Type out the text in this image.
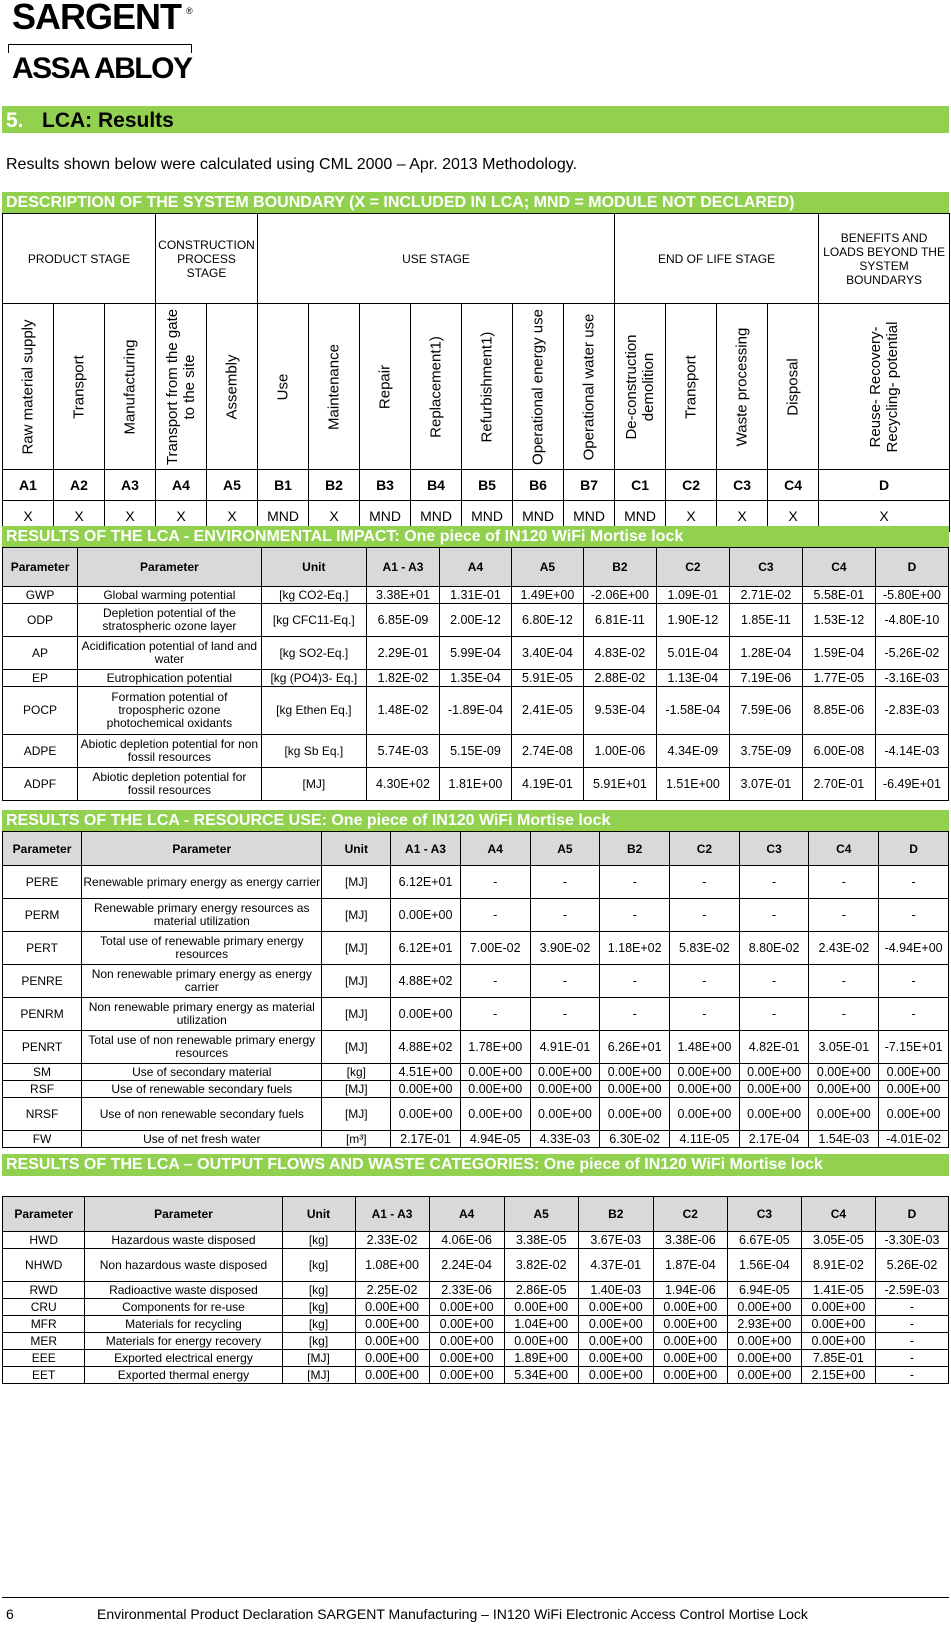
SARGENT ®
ASSA ABLOY
5. LCA: Results
Results shown below were calculated using CML 2000 – Apr. 2013 Methodology.
DESCRIPTION OF THE SYSTEM BOUNDARY (X = INCLUDED IN LCA; MND = MODULE NOT DECLARED)
PRODUCT STAGE			CONSTRUCTION PROCESS STAGE		USE STAGE							END OF LIFE STAGE				BENEFITS AND LOADS BEYOND THE SYSTEM BOUNDARYS

Raw material supply	Transport	Manufacturing	Transport from the gate to the site	Assembly	Use	Maintenance	Repair	Replacement1)	Refurbishment1)	Operational energy use	Operational water use	De-construction demolition	Transport	Waste processing	Disposal	Reuse- Recovery- Recycling- potential

A1	A2	A3	A4	A5	B1	B2	B3	B4	B5	B6	B7	C1	C2	C3	C4	D
X	X	X	X	X	MND	X	MND	MND	MND	MND	MND	MND	X	X	X	X
RESULTS OF THE LCA - ENVIRONMENTAL IMPACT: One piece of IN120 WiFi Mortise lock
Parameter	Parameter	Unit	A1 - A3	A4	A5	B2	C2	C3	C4	D
GWP	Global warming potential	[kg CO2-Eq.]	3.38E+01	1.31E-01	1.49E+00	-2.06E+00	1.09E-01	2.71E-02	5.58E-01	-5.80E+00
ODP	Depletion potential of the stratospheric ozone layer	[kg CFC11-Eq.]	6.85E-09	2.00E-12	6.80E-12	6.81E-11	1.90E-12	1.85E-11	1.53E-12	-4.80E-10
AP	Acidification potential of land and water	[kg SO2-Eq.]	2.29E-01	5.99E-04	3.40E-04	4.83E-02	5.01E-04	1.28E-04	1.59E-04	-5.26E-02
EP	Eutrophication potential	[kg (PO4)3- Eq.]	1.82E-02	1.35E-04	5.91E-05	2.88E-02	1.13E-04	7.19E-06	1.77E-05	-3.16E-03
POCP	Formation potential of tropospheric ozone photochemical oxidants	[kg Ethen Eq.]	1.48E-02	-1.89E-04	2.41E-05	9.53E-04	-1.58E-04	7.59E-06	8.85E-06	-2.83E-03
ADPE	Abiotic depletion potential for non fossil resources	[kg Sb Eq.]	5.74E-03	5.15E-09	2.74E-08	1.00E-06	4.34E-09	3.75E-09	6.00E-08	-4.14E-03
ADPF	Abiotic depletion potential for fossil resources	[MJ]	4.30E+02	1.81E+00	4.19E-01	5.91E+01	1.51E+00	3.07E-01	2.70E-01	-6.49E+01
RESULTS OF THE LCA - RESOURCE USE: One piece of IN120 WiFi Mortise lock
Parameter	Parameter	Unit	A1 - A3	A4	A5	B2	C2	C3	C4	D
PERE	Renewable primary energy as energy carrier	[MJ]	6.12E+01	-	-	-	-	-	-	-
PERM	Renewable primary energy resources as material utilization	[MJ]	0.00E+00	-	-	-	-	-	-	-
PERT	Total use of renewable primary energy resources	[MJ]	6.12E+01	7.00E-02	3.90E-02	1.18E+02	5.83E-02	8.80E-02	2.43E-02	-4.94E+00
PENRE	Non renewable primary energy as energy carrier	[MJ]	4.88E+02	-	-	-	-	-	-	-
PENRM	Non renewable primary energy as material utilization	[MJ]	0.00E+00	-	-	-	-	-	-	-
PENRT	Total use of non renewable primary energy resources	[MJ]	4.88E+02	1.78E+00	4.91E-01	6.26E+01	1.48E+00	4.82E-01	3.05E-01	-7.15E+01
SM	Use of secondary material	[kg]	4.51E+00	0.00E+00	0.00E+00	0.00E+00	0.00E+00	0.00E+00	0.00E+00	0.00E+00
RSF	Use of renewable secondary fuels	[MJ]	0.00E+00	0.00E+00	0.00E+00	0.00E+00	0.00E+00	0.00E+00	0.00E+00	0.00E+00
NRSF	Use of non renewable secondary fuels	[MJ]	0.00E+00	0.00E+00	0.00E+00	0.00E+00	0.00E+00	0.00E+00	0.00E+00	0.00E+00
FW	Use of net fresh water	[m³]	2.17E-01	4.94E-05	4.33E-03	6.30E-02	4.11E-05	2.17E-04	1.54E-03	-4.01E-02
RESULTS OF THE LCA – OUTPUT FLOWS AND WASTE CATEGORIES: One piece of IN120 WiFi Mortise lock
Parameter	Parameter	Unit	A1 - A3	A4	A5	B2	C2	C3	C4	D
HWD	Hazardous waste disposed	[kg]	2.33E-02	4.06E-06	3.38E-05	3.67E-03	3.38E-06	6.67E-05	3.05E-05	-3.30E-03
NHWD	Non hazardous waste disposed	[kg]	1.08E+00	2.24E-04	3.82E-02	4.37E-01	1.87E-04	1.56E-04	8.91E-02	5.26E-02
RWD	Radioactive waste disposed	[kg]	2.25E-02	2.33E-06	2.86E-05	1.40E-03	1.94E-06	6.94E-05	1.41E-05	-2.59E-03
CRU	Components for re-use	[kg]	0.00E+00	0.00E+00	0.00E+00	0.00E+00	0.00E+00	0.00E+00	0.00E+00	-
MFR	Materials for recycling	[kg]	0.00E+00	0.00E+00	1.04E+00	0.00E+00	0.00E+00	2.93E+00	0.00E+00	-
MER	Materials for energy recovery	[kg]	0.00E+00	0.00E+00	0.00E+00	0.00E+00	0.00E+00	0.00E+00	0.00E+00	-
EEE	Exported electrical energy	[MJ]	0.00E+00	0.00E+00	1.89E+00	0.00E+00	0.00E+00	0.00E+00	7.85E-01	-
EET	Exported thermal energy	[MJ]	0.00E+00	0.00E+00	5.34E+00	0.00E+00	0.00E+00	0.00E+00	2.15E+00	-
6	Environmental Product Declaration SARGENT Manufacturing – IN120 WiFi Electronic Access Control Mortise Lock
